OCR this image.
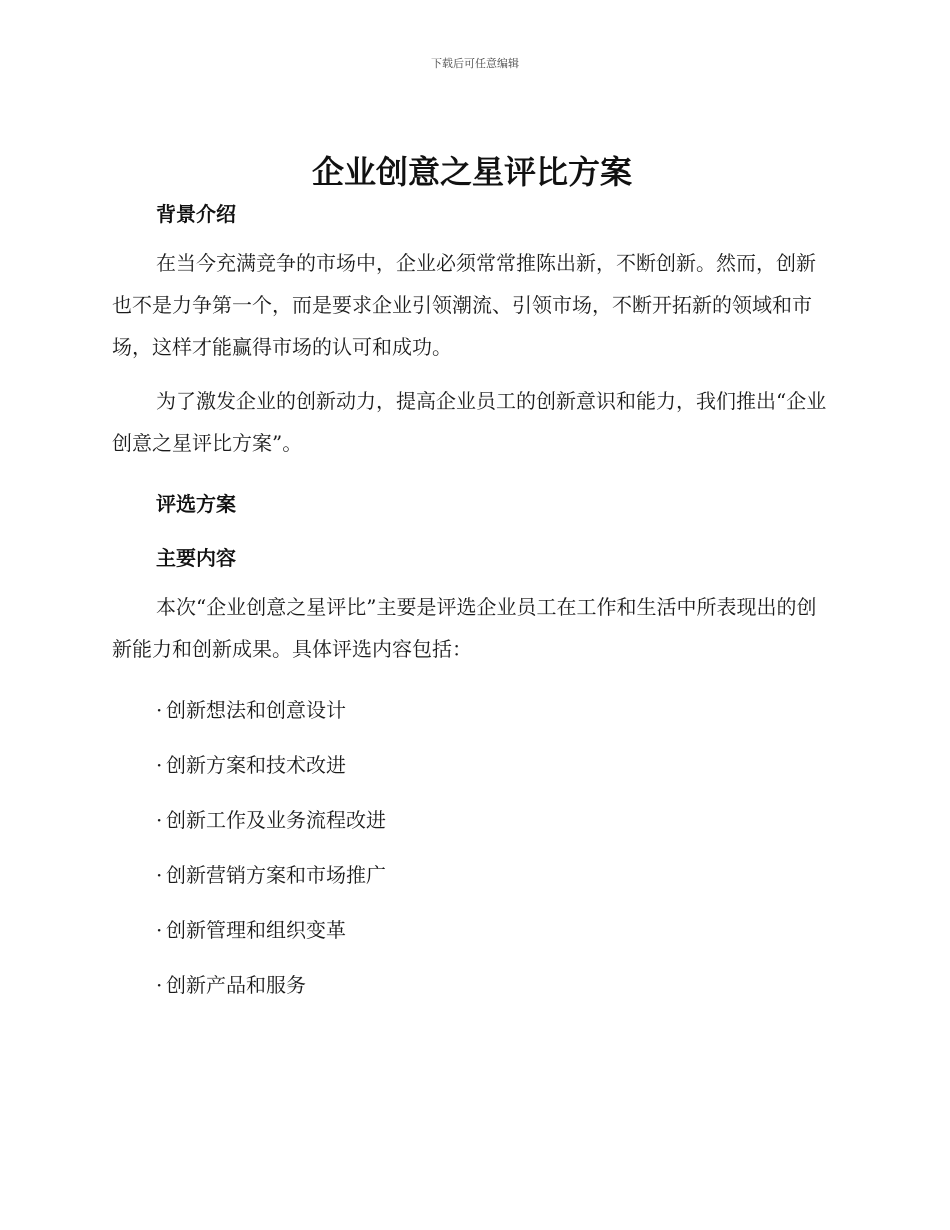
下载后可任意编辑
企业创意之星评比方案
背景介绍

在当今充满竞争的市场中，企业必须常常推陈出新，不断创新。然而，创新也不是力争第一个，而是要求企业引领潮流、引领市场，不断开拓新的领域和市场，这样才能赢得市场的认可和成功。

为了激发企业的创新动力，提高企业员工的创新意识和能力，我们推出“企业创意之星评比方案”。

评选方案
主要内容

本次“企业创意之星评比”主要是评选企业员工在工作和生活中所表现出的创新能力和创新成果。具体评选内容包括：

· 创新想法和创意设计
· 创新方案和技术改进
· 创新工作及业务流程改进
· 创新营销方案和市场推广
· 创新管理和组织变革
· 创新产品和服务
